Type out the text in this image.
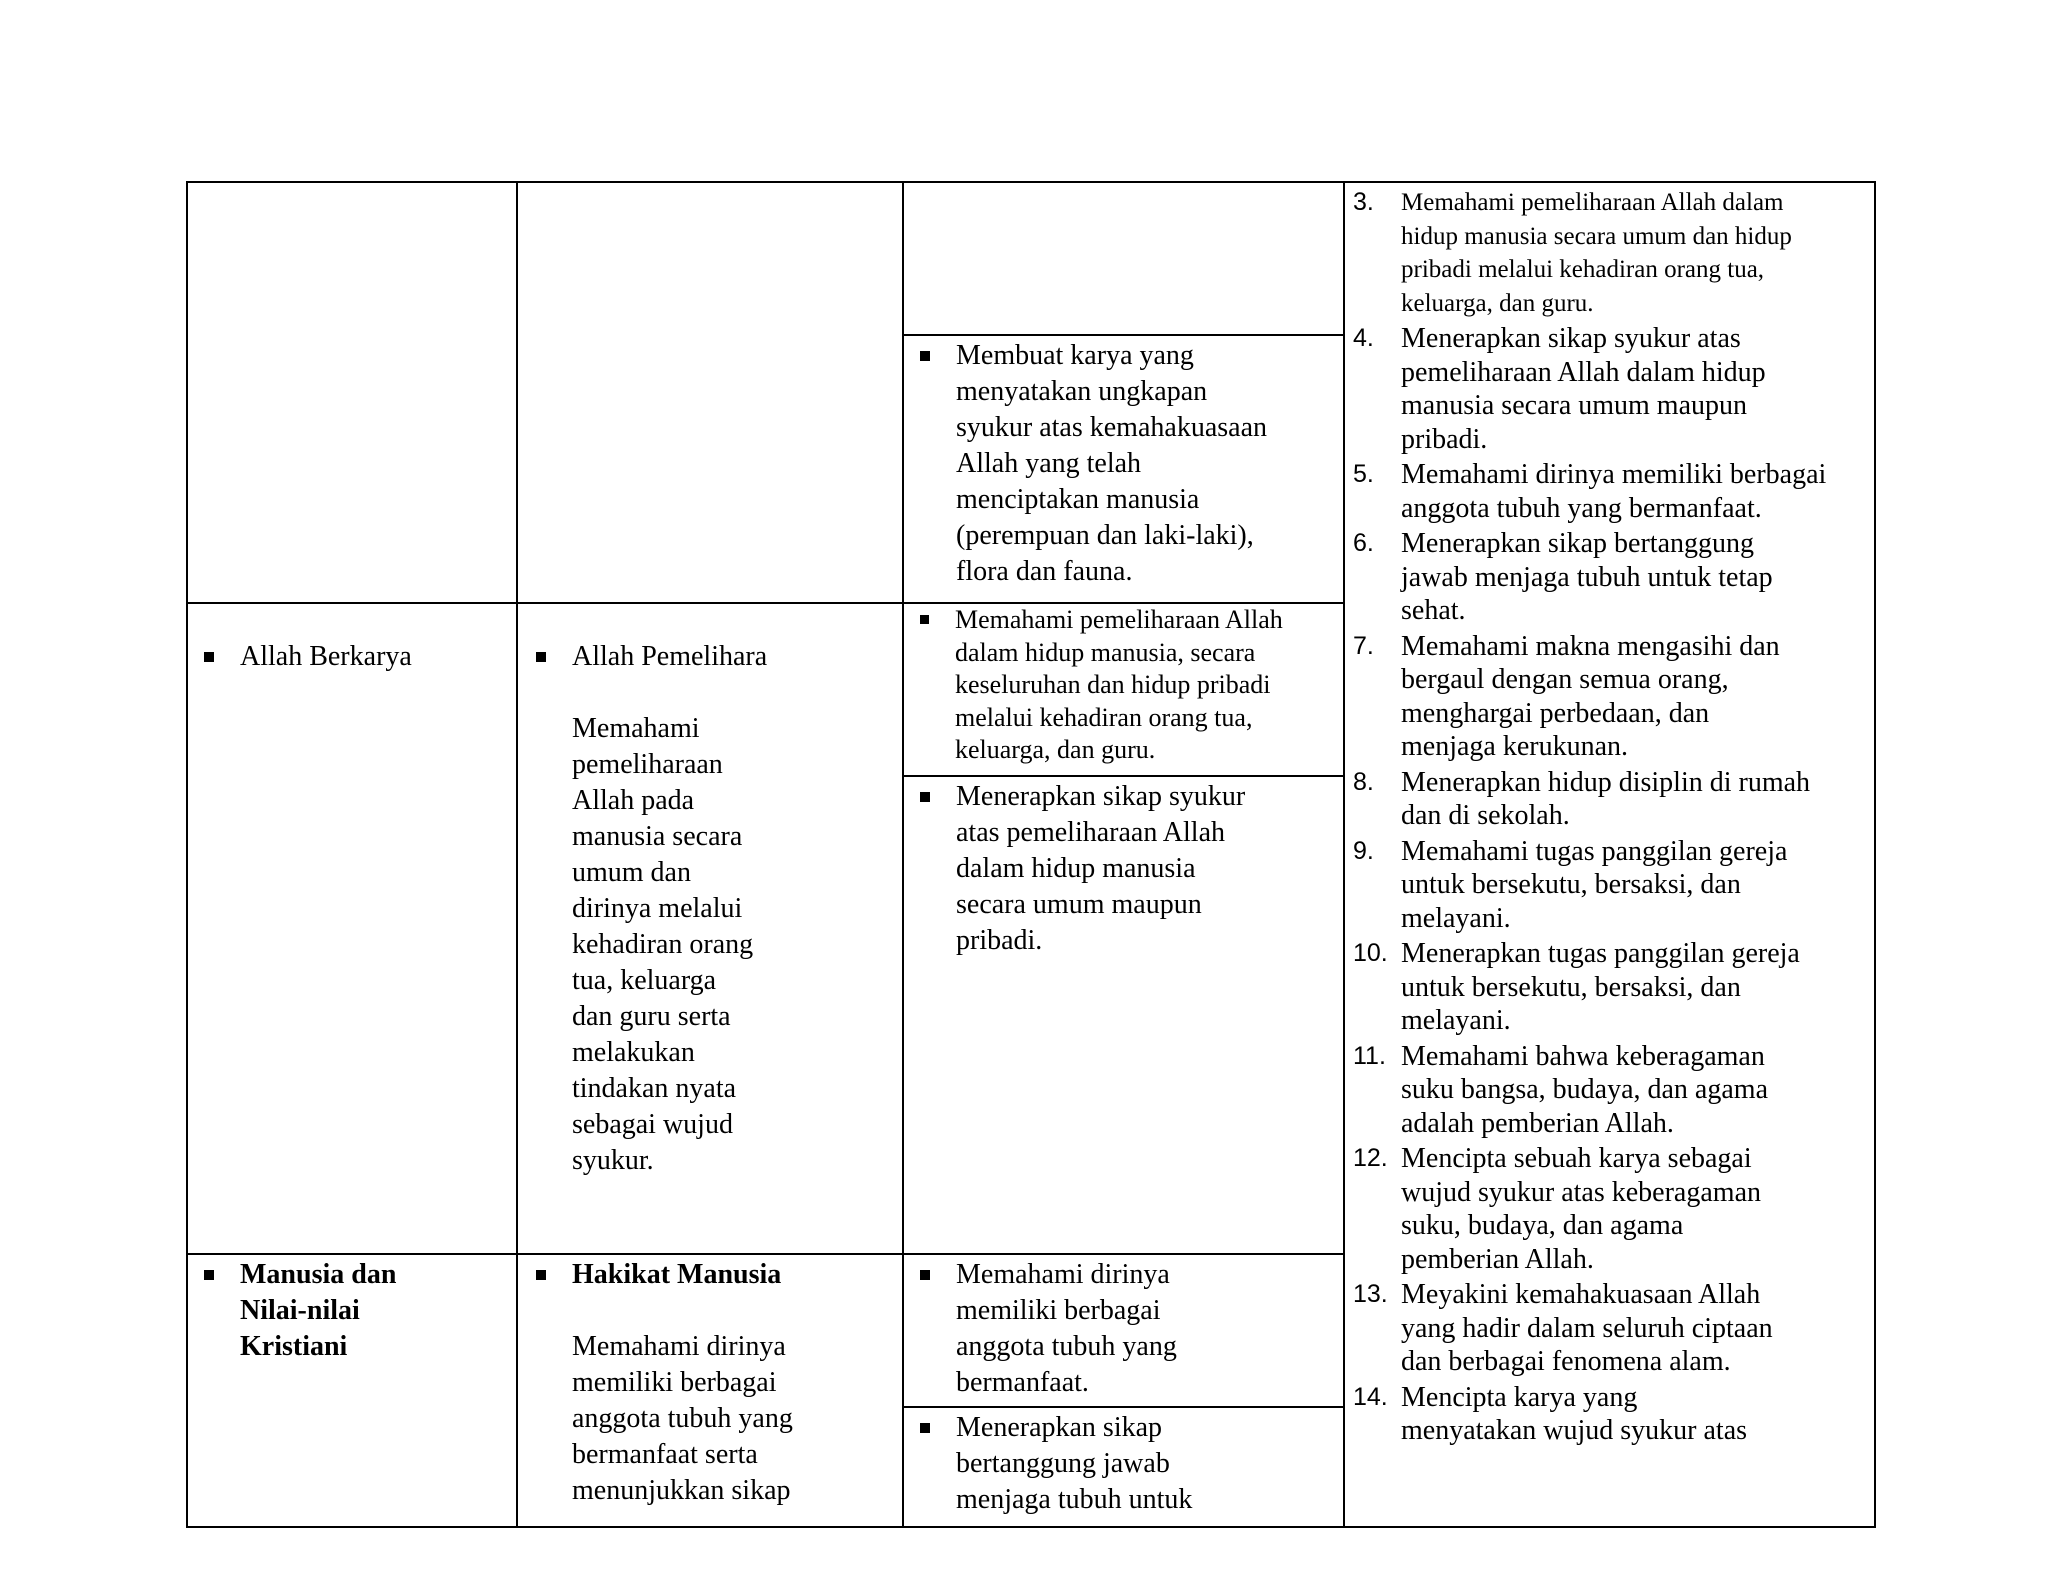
Membuat karya yang
menyatakan ungkapan
syukur atas kemahakuasaan
Allah yang telah
menciptakan manusia
(perempuan dan laki-laki),
flora dan fauna.
Allah Berkarya	Allah Pemelihara
Memahami
pemeliharaan
Allah pada
manusia secara
umum dan
dirinya melalui
kehadiran orang
tua, keluarga
dan guru serta
melakukan
tindakan nyata
sebagai wujud
syukur.
Memahami pemeliharaan Allah
dalam hidup manusia, secara
keseluruhan dan hidup pribadi
melalui kehadiran orang tua,
keluarga, dan guru.
Menerapkan sikap syukur
atas pemeliharaan Allah
dalam hidup manusia
secara umum maupun
pribadi.
Manusia dan
Nilai-nilai
Kristiani
Hakikat Manusia
Memahami dirinya
memiliki berbagai
anggota tubuh yang
bermanfaat serta
menunjukkan sikap
Memahami dirinya
memiliki berbagai
anggota tubuh yang
bermanfaat.
Menerapkan sikap
bertanggung jawab
menjaga tubuh untuk
3.	Memahami pemeliharaan Allah dalam
hidup manusia secara umum dan hidup
pribadi melalui kehadiran orang tua,
keluarga, dan guru.
4. Menerapkan sikap syukur atas
pemeliharaan Allah dalam hidup
manusia secara umum maupun
pribadi.
5. Memahami dirinya memiliki berbagai
anggota tubuh yang bermanfaat.
6. Menerapkan sikap bertanggung
jawab menjaga tubuh untuk tetap
sehat.
7. Memahami makna mengasihi dan
bergaul dengan semua orang,
menghargai perbedaan, dan
menjaga kerukunan.
8. Menerapkan hidup disiplin di rumah
dan di sekolah.
9. Memahami tugas panggilan gereja
untuk bersekutu, bersaksi, dan
melayani.
10. Menerapkan tugas panggilan gereja
untuk bersekutu, bersaksi, dan
melayani.
11. Memahami bahwa keberagaman
suku bangsa, budaya, dan agama
adalah pemberian Allah.
12. Mencipta sebuah karya sebagai
wujud syukur atas keberagaman
suku, budaya, dan agama
pemberian Allah.
13. Meyakini kemahakuasaan Allah
yang hadir dalam seluruh ciptaan
dan berbagai fenomena alam.
14. Mencipta karya yang
menyatakan wujud syukur atas
